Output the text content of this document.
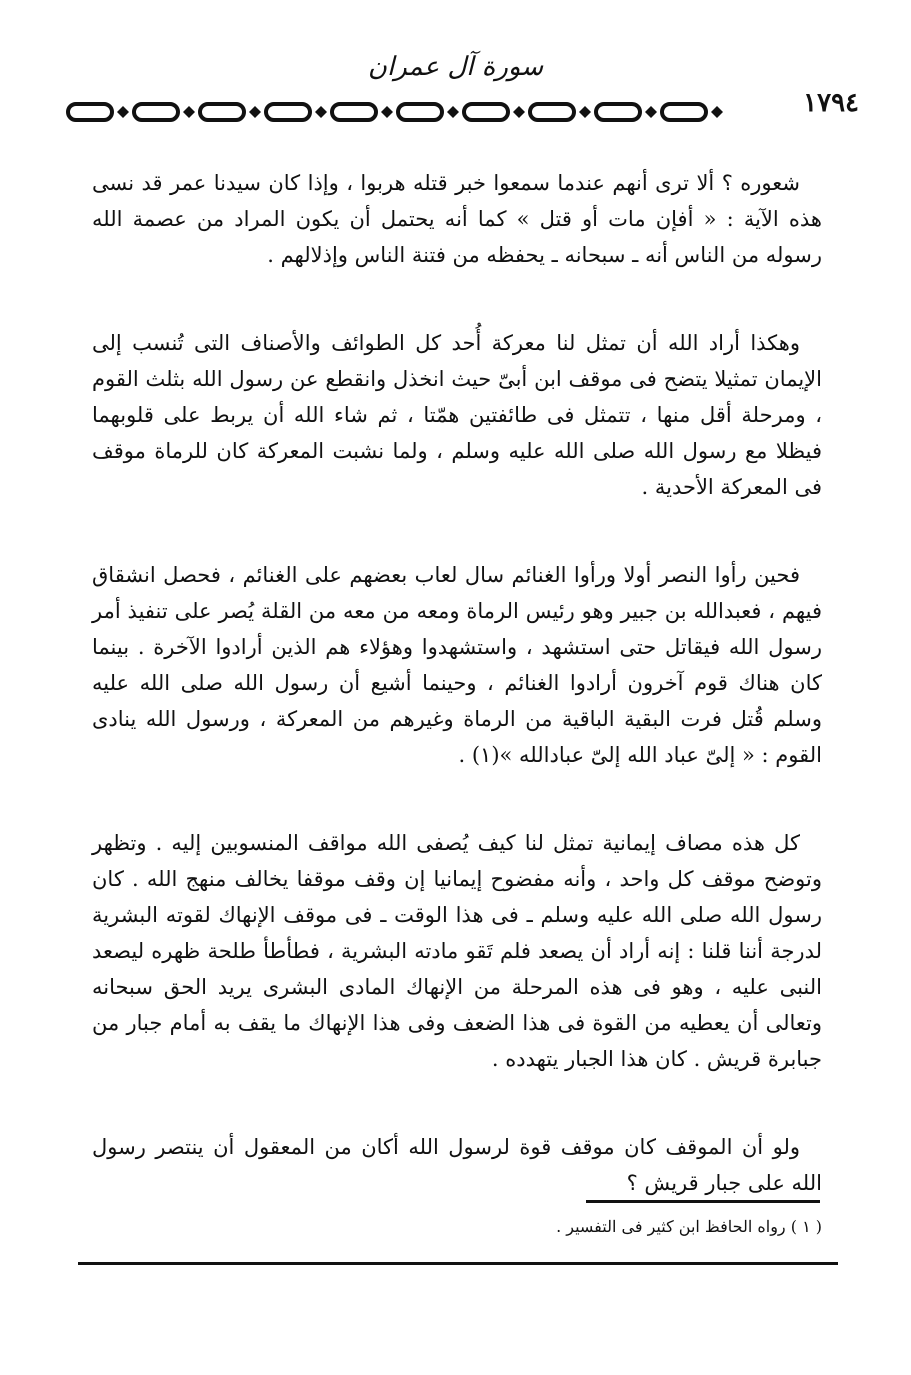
سورة آل عمران
١٧٩٤

شعوره ؟ ألا ترى أنهم عندما سمعوا خبر قتله هربوا ، وإذا كان سيدنا عمر قد نسى هذه الآية : « أفإن مات أو قتل » كما أنه يحتمل أن يكون المراد من عصمة الله رسوله من الناس أنه ـ سبحانه ـ يحفظه من فتنة الناس وإذلالهم .

وهكذا أراد الله أن تمثل لنا معركة أُحد كل الطوائف والأصناف التى تُنسب إلى الإيمان تمثيلا يتضح فى موقف ابن أبىّ حيث انخذل وانقطع عن رسول الله بثلث القوم ، ومرحلة أقل منها ، تتمثل فى طائفتين همّتا ، ثم شاء الله أن يربط على قلوبهما فيظلا مع رسول الله صلى الله عليه وسلم ، ولما نشبت المعركة كان للرماة موقف فى المعركة الأحدية .

فحين رأوا النصر أولا ورأوا الغنائم سال لعاب بعضهم على الغنائم ، فحصل انشقاق فيهم ، فعبدالله بن جبير وهو رئيس الرماة ومعه من معه من القلة يُصر على تنفيذ أمر رسول الله فيقاتل حتى استشهد ، واستشهدوا وهؤلاء هم الذين أرادوا الآخرة . بينما كان هناك قوم آخرون أرادوا الغنائم ، وحينما أشيع أن رسول الله صلى الله عليه وسلم قُتل فرت البقية الباقية من الرماة وغيرهم من المعركة ، ورسول الله ينادى القوم : « إلىّ عباد الله إلىّ عبادالله »(١) .

كل هذه مصاف إيمانية تمثل لنا كيف يُصفى الله مواقف المنسوبين إليه . وتظهر وتوضح موقف كل واحد ، وأنه مفضوح إيمانيا إن وقف موقفا يخالف منهج الله . كان رسول الله صلى الله عليه وسلم ـ فى هذا الوقت ـ فى موقف الإنهاك لقوته البشرية لدرجة أننا قلنا : إنه أراد أن يصعد فلم تَقو مادته البشرية ، فطأطأ طلحة ظهره ليصعد النبى عليه ، وهو فى هذه المرحلة من الإنهاك المادى البشرى يريد الحق سبحانه وتعالى أن يعطيه من القوة فى هذا الضعف وفى هذا الإنهاك ما يقف به أمام جبار من جبابرة قريش . كان هذا الجبار يتهدده .

ولو أن الموقف كان موقف قوة لرسول الله أكان من المعقول أن ينتصر رسول الله على جبار قريش ؟

( ١ ) رواه الحافظ ابن كثير فى التفسير .
